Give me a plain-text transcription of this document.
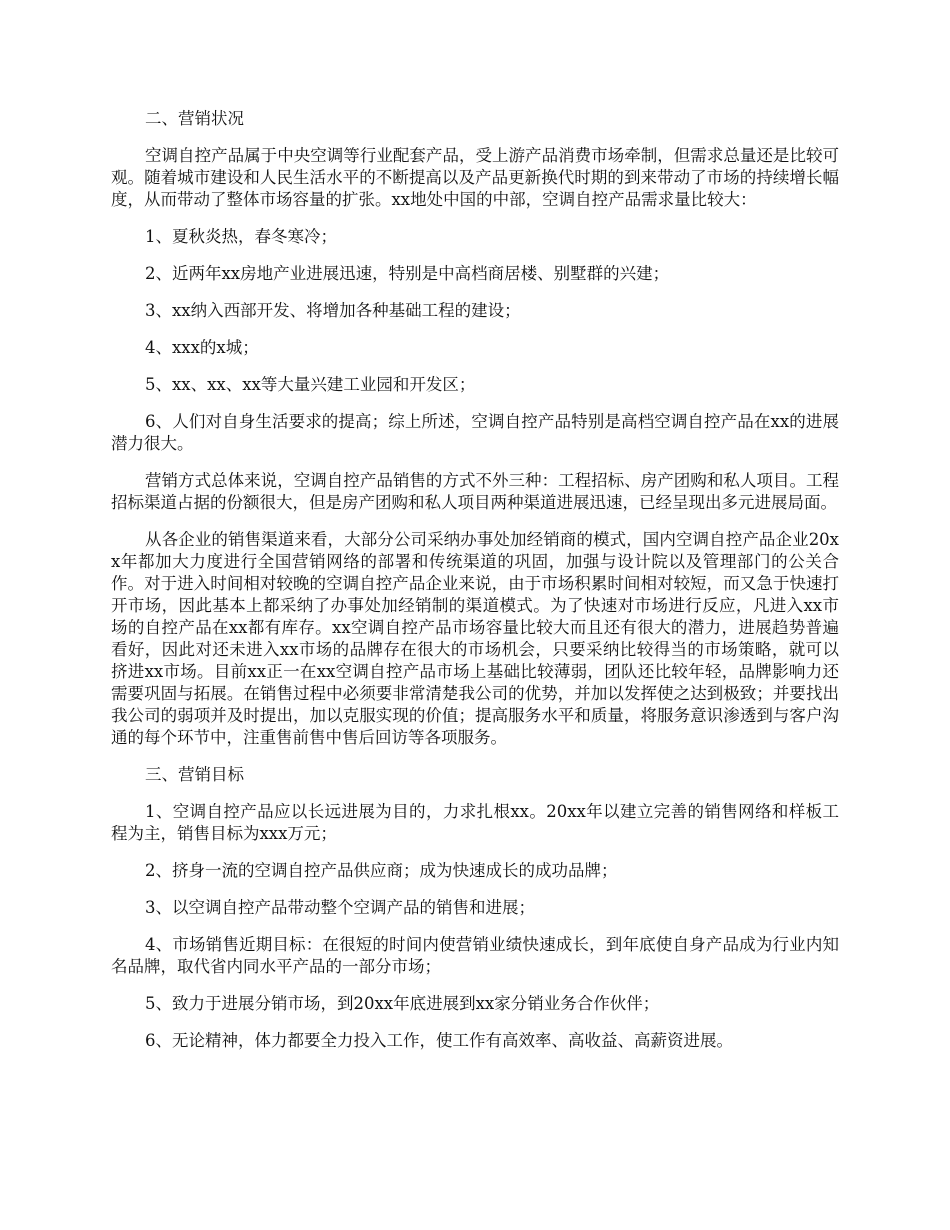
二、营销状况

空调自控产品属于中央空调等行业配套产品，受上游产品消费市场牵制，但需求总量还是比较可观。随着城市建设和人民生活水平的不断提高以及产品更新换代时期的到来带动了市场的持续增长幅度，从而带动了整体市场容量的扩张。xx地处中国的中部，空调自控产品需求量比较大：

1、夏秋炎热，春冬寒冷；

2、近两年xx房地产业进展迅速，特别是中高档商居楼、别墅群的兴建；

3、xx纳入西部开发、将增加各种基础工程的建设；

4、xxx的x城；

5、xx、xx、xx等大量兴建工业园和开发区；

6、人们对自身生活要求的提高；综上所述，空调自控产品特别是高档空调自控产品在xx的进展潜力很大。

营销方式总体来说，空调自控产品销售的方式不外三种：工程招标、房产团购和私人项目。工程招标渠道占据的份额很大，但是房产团购和私人项目两种渠道进展迅速，已经呈现出多元进展局面。

从各企业的销售渠道来看，大部分公司采纳办事处加经销商的模式，国内空调自控产品企业20xx年都加大力度进行全国营销网络的部署和传统渠道的巩固，加强与设计院以及管理部门的公关合作。对于进入时间相对较晚的空调自控产品企业来说，由于市场积累时间相对较短，而又急于快速打开市场，因此基本上都采纳了办事处加经销制的渠道模式。为了快速对市场进行反应，凡进入xx市场的自控产品在xx都有库存。xx空调自控产品市场容量比较大而且还有很大的潜力，进展趋势普遍看好，因此对还未进入xx市场的品牌存在很大的市场机会，只要采纳比较得当的市场策略，就可以挤进xx市场。目前xx正一在xx空调自控产品市场上基础比较薄弱，团队还比较年轻，品牌影响力还需要巩固与拓展。在销售过程中必须要非常清楚我公司的优势，并加以发挥使之达到极致；并要找出我公司的弱项并及时提出，加以克服实现的价值；提高服务水平和质量，将服务意识渗透到与客户沟通的每个环节中，注重售前售中售后回访等各项服务。

三、营销目标

1、空调自控产品应以长远进展为目的，力求扎根xx。20xx年以建立完善的销售网络和样板工程为主，销售目标为xxx万元；

2、挤身一流的空调自控产品供应商；成为快速成长的成功品牌；

3、以空调自控产品带动整个空调产品的销售和进展；

4、市场销售近期目标：在很短的时间内使营销业绩快速成长，到年底使自身产品成为行业内知名品牌，取代省内同水平产品的一部分市场；

5、致力于进展分销市场，到20xx年底进展到xx家分销业务合作伙伴；

6、无论精神，体力都要全力投入工作，使工作有高效率、高收益、高薪资进展。
